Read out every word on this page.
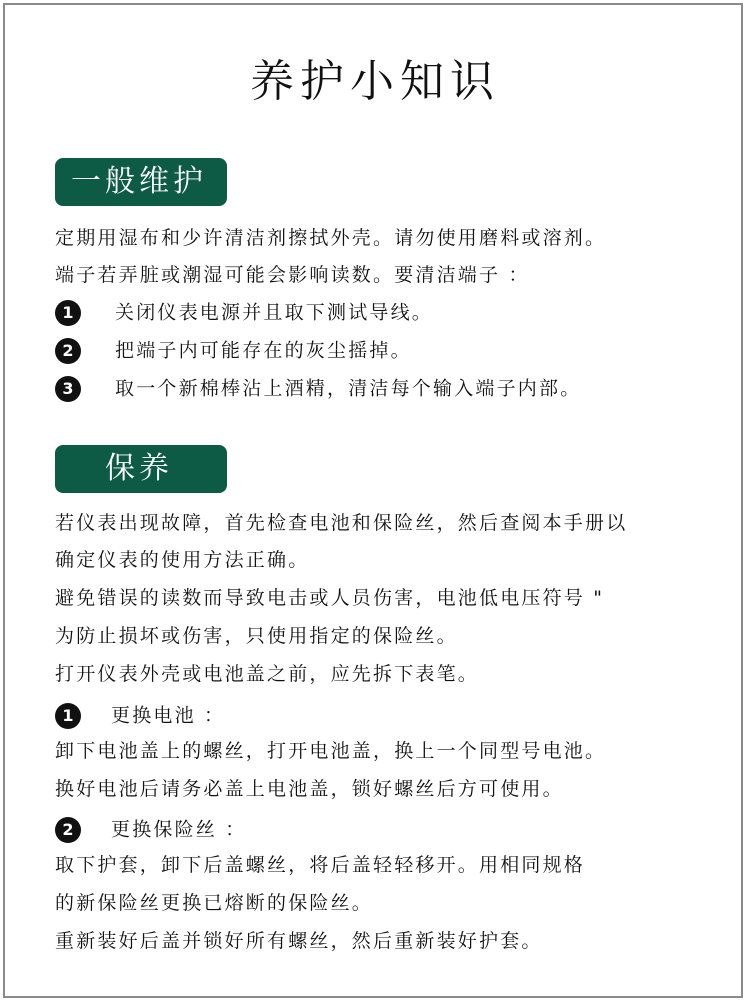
养护小知识
一般维护
定期用湿布和少许清洁剂擦拭外壳。请勿使用磨料或溶剂。
端子若弄脏或潮湿可能会影响读数。要清洁端子 ：
1 关闭仪表电源并且取下测试导线。
2 把端子内可能存在的灰尘摇掉。
3 取一个新棉棒沾上酒精，清洁每个输入端子内部。
保养
若仪表出现故障，首先检查电池和保险丝，然后查阅本手册以
确定仪表的使用方法正确。
避免错误的读数而导致电击或人员伤害，电池低电压符号 "
为防止损坏或伤害，只使用指定的保险丝。
打开仪表外壳或电池盖之前，应先拆下表笔。
1 更换电池 ：
卸下电池盖上的螺丝，打开电池盖，换上一个同型号电池。
换好电池后请务必盖上电池盖，锁好螺丝后方可使用。
2 更换保险丝 ：
取下护套，卸下后盖螺丝，将后盖轻轻移开。用相同规格
的新保险丝更换已熔断的保险丝。
重新装好后盖并锁好所有螺丝，然后重新装好护套。
